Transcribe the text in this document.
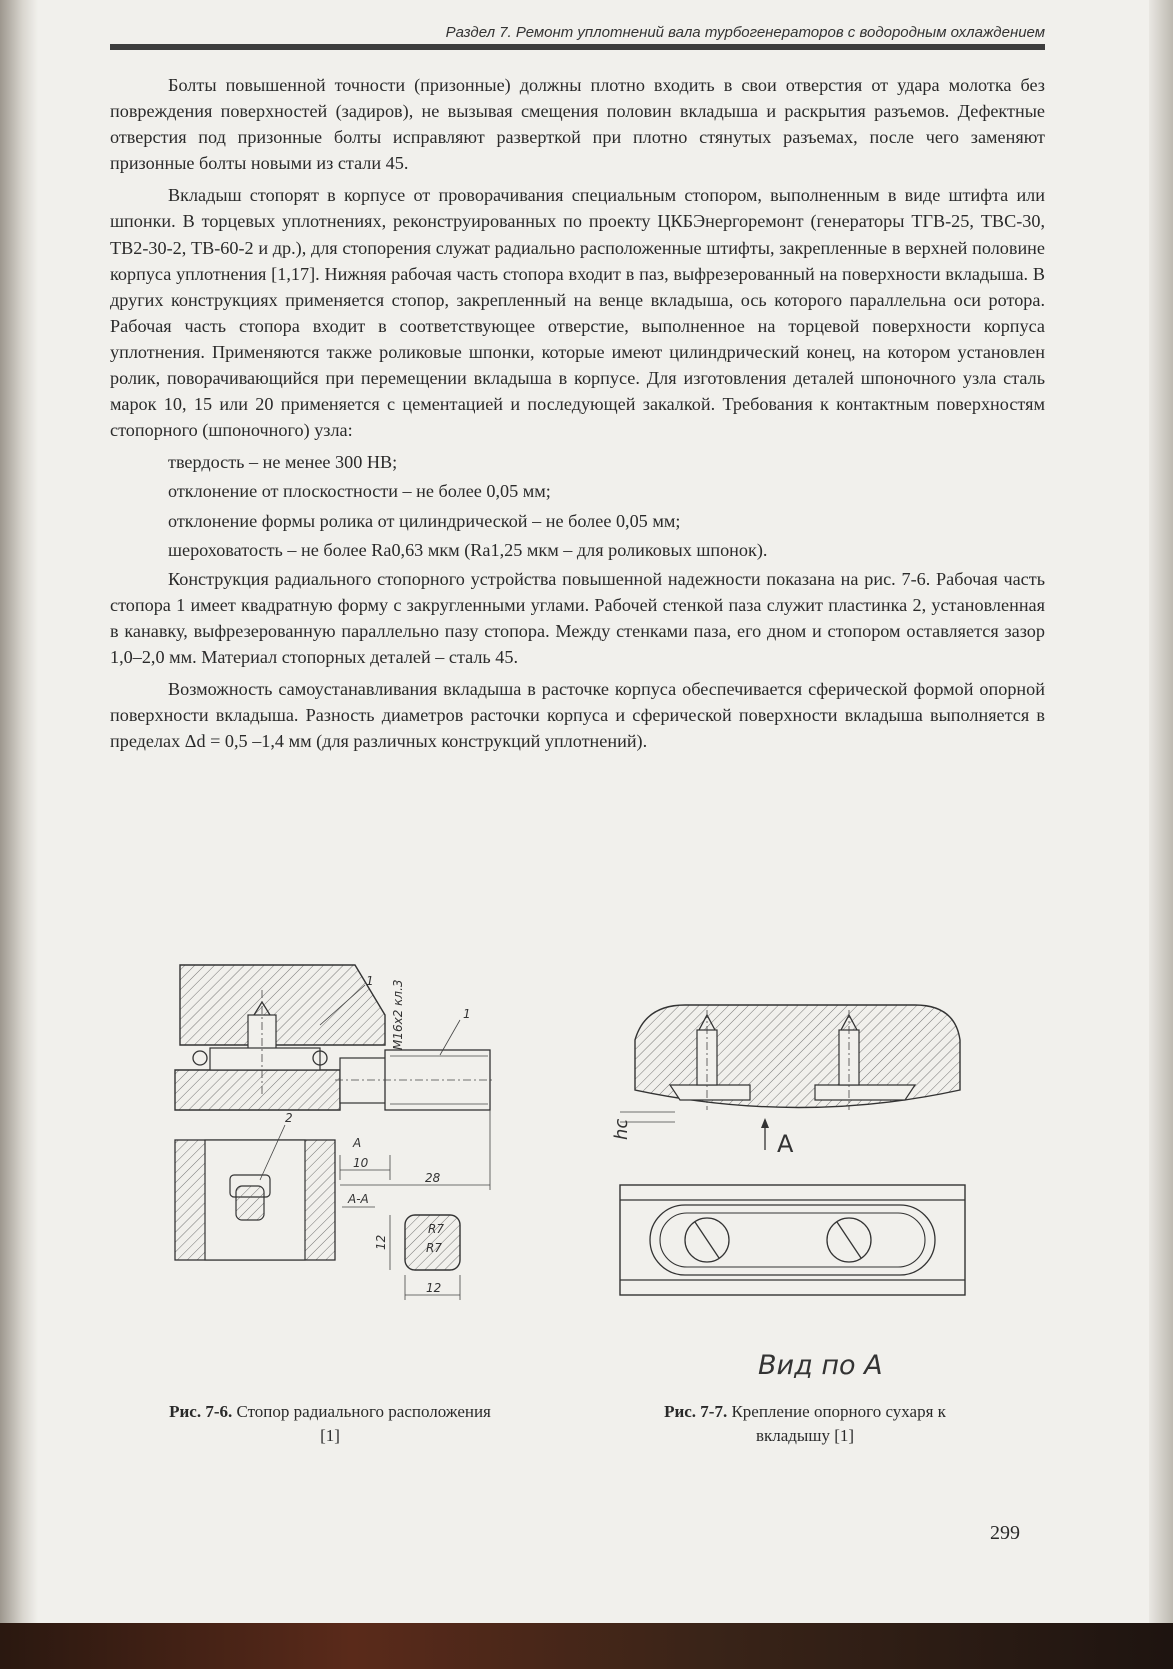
Раздел 7. Ремонт уплотнений вала турбогенераторов с водородным охлаждением

Болты повышенной точности (призонные) должны плотно входить в свои отверстия от удара молотка без повреждения поверхностей (задиров), не вызывая смещения половин вкладыша и раскрытия разъемов. Дефектные отверстия под призонные болты исправляют разверткой при плотно стянутых разъемах, после чего заменяют призонные болты новыми из стали 45.

Вкладыш стопорят в корпусе от проворачивания специальным стопором, выполненным в виде штифта или шпонки. В торцевых уплотнениях, реконструированных по проекту ЦКБЭнергоремонт (генераторы ТГВ-25, ТВС-30, ТВ2-30-2, ТВ-60-2 и др.), для стопорения служат радиально расположенные штифты, закрепленные в верхней половине корпуса уплотнения [1,17]. Нижняя рабочая часть стопора входит в паз, выфрезерованный на поверхности вкладыша. В других конструкциях применяется стопор, закрепленный на венце вкладыша, ось которого параллельна оси ротора. Рабочая часть стопора входит в соответствующее отверстие, выполненное на торцевой поверхности корпуса уплотнения. Применяются также роликовые шпонки, которые имеют цилиндрический конец, на котором установлен ролик, поворачивающийся при перемещении вкладыша в корпусе. Для изготовления деталей шпоночного узла сталь марок 10, 15 или 20 применяется с цементацией и последующей закалкой. Требования к контактным поверхностям стопорного (шпоночного) узла:

твердость – не менее 300 HB;

отклонение от плоскостности – не более 0,05 мм;

отклонение формы ролика от цилиндрической – не более 0,05 мм;

шероховатость – не более Ra0,63 мкм (Ra1,25 мкм – для роликовых шпонок).

Конструкция радиального стопорного устройства повышенной надежности показана на рис. 7-6. Рабочая часть стопора 1 имеет квадратную форму с закругленными углами. Рабочей стенкой паза служит пластинка 2, установленная в канавку, выфрезерованную параллельно пазу стопора. Между стенками паза, его дном и стопором оставляется зазор 1,0–2,0 мм. Материал стопорных деталей – сталь 45.

Возможность самоустанавливания вкладыша в расточке корпуса обеспечивается сферической формой опорной поверхности вкладыша. Разность диаметров расточки корпуса и сферической поверхности вкладыша выполняется в пределах Δd = 0,5 –1,4 мм (для различных конструкций уплотнений).

1
2
1
M16x2 кл.3
A
10
28
A-A
R7
R7
12
12
Рис. 7-6. Стопор радиального расположения [1]
hc
A
Вид по A
Рис. 7-7. Крепление опорного сухаря к вкладышу [1]
299
